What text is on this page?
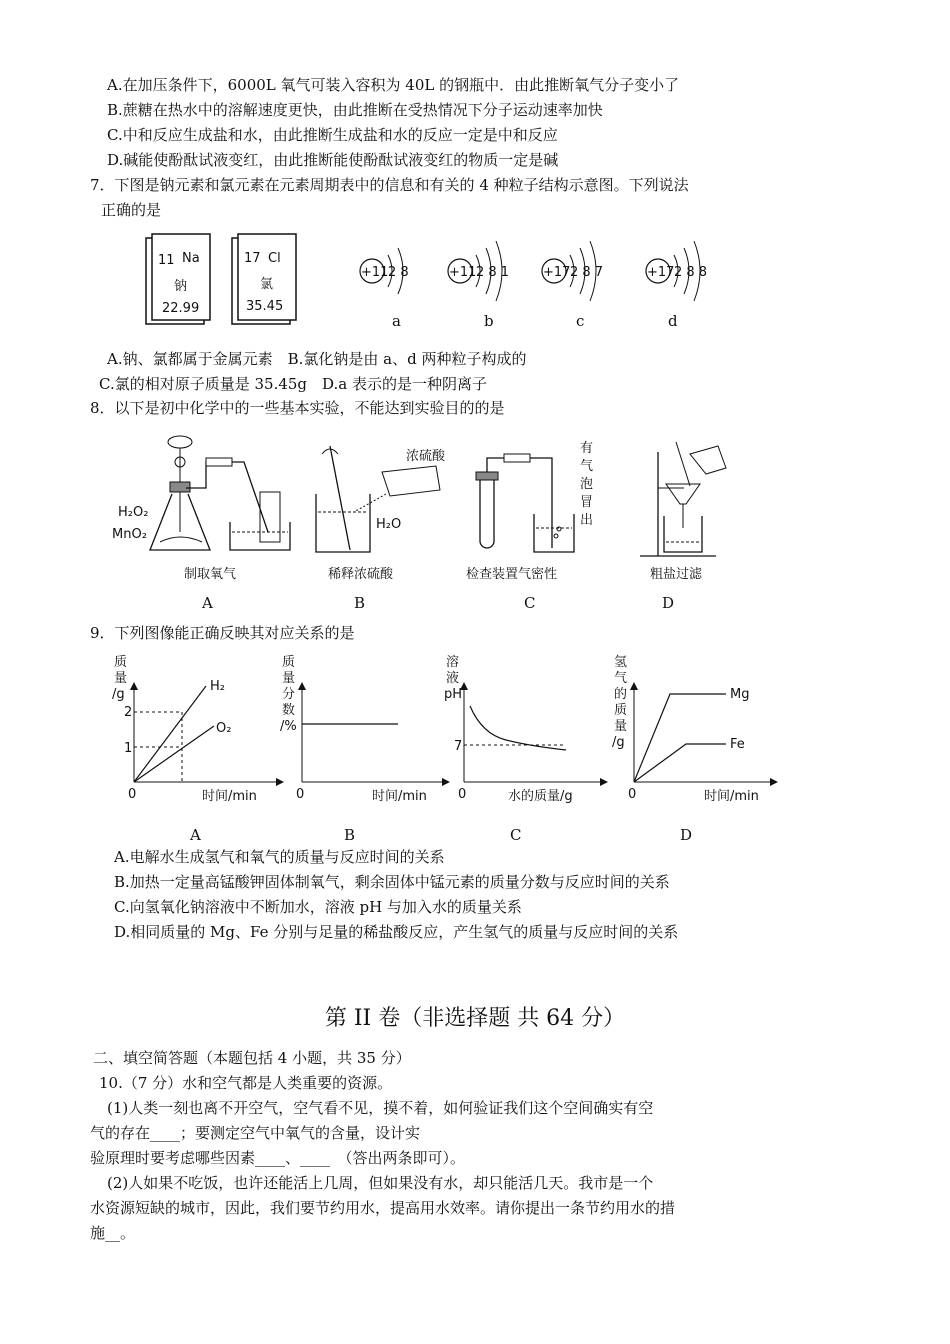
A.在加压条件下，6000L 氧气可装入容积为 40L 的钢瓶中．由此推断氧气分子变小了
B.蔗糖在热水中的溶解速度更快，由此推断在受热情况下分子运动速率加快
C.中和反应生成盐和水，由此推断生成盐和水的反应一定是中和反应
D.碱能使酚酞试液变红，由此推断能使酚酞试液变红的物质一定是碱
7．下图是钠元素和氯元素在元素周期表中的信息和有关的 4 种粒子结构示意图。下列说法
正确的是
11 Na
钠
22.99
17 Cl
氯
35.45
+11 2 8
a
+11 2 8 1
b
+17 2 8 7
c
+17 2 8 8
d
A.钠、氯都属于金属元素　B.氯化钠是由 a、d 两种粒子构成的
C.氯的相对原子质量是 35.45g　D.a 表示的是一种阴离子
8．以下是初中化学中的一些基本实验，不能达到实验目的的是
H₂O₂
MnO₂
制取氧气
A
浓硫酸
H₂O
稀释浓硫酸
B
有气泡冒出
检查装置气密性
C
粗盐过滤
D
9．下列图像能正确反映其对应关系的是
质
量
/g
2
1
0
H₂
O₂
时间/min
A
质
量
分
数
/%
0	时间/min
B
溶
液
pH
7
0	水的质量/g
C
氢
气
的
质
量
/g
0
Mg
Fe
时间/min
D
A.电解水生成氢气和氧气的质量与反应时间的关系
B.加热一定量高锰酸钾固体制氧气，剩余固体中锰元素的质量分数与反应时间的关系
C.向氢氧化钠溶液中不断加水，溶液 pH 与加入水的质量关系
D.相同质量的 Mg、Fe 分别与足量的稀盐酸反应，产生氢气的质量与反应时间的关系
第 II 卷（非选择题 共 64 分）
二、填空简答题（本题包括 4 小题，共 35 分）
10.（7 分）水和空气都是人类重要的资源。
(1)人类一刻也离不开空气，空气看不见，摸不着，如何验证我们这个空间确实有空
气的存在____；要测定空气中氧气的含量，设计实
验原理时要考虑哪些因素____、____　（答出两条即可）。
(2)人如果不吃饭，也许还能活上几周，但如果没有水，却只能活几天。我市是一个
水资源短缺的城市，因此，我们要节约用水，提高用水效率。请你提出一条节约用水的措
施__。
